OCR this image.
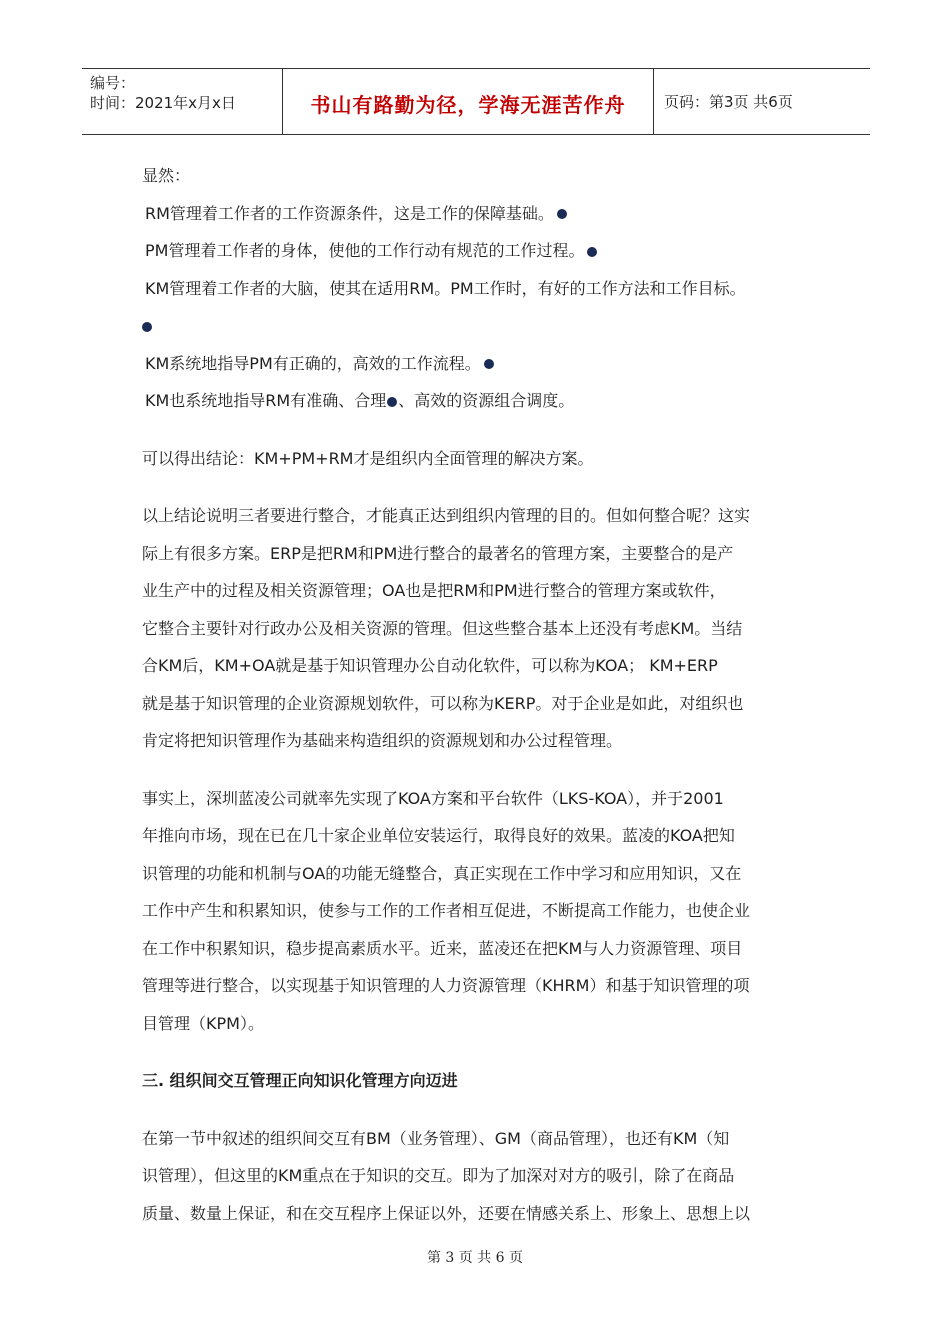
编号：
时间：2021年x月x日	书山有路勤为径，学海无涯苦作舟	页码：第3页 共6页

显然：

RM管理着工作者的工作资源条件，这是工作的保障基础。

PM管理着工作者的身体，使他的工作行动有规范的工作过程。

KM管理着工作者的大脑，使其在适用RM。PM工作时，有好的工作方法和工作目标。

KM系统地指导PM有正确的，高效的工作流程。

KM也系统地指导RM有准确、合理 、高效的资源组合调度。

可以得出结论：KM+PM+RM才是组织内全面管理的解决方案。

以上结论说明三者要进行整合，才能真正达到组织内管理的目的。但如何整合呢？这实

际上有很多方案。ERP是把RM和PM进行整合的最著名的管理方案，主要整合的是产

业生产中的过程及相关资源管理；OA也是把RM和PM进行整合的管理方案或软件，

它整合主要针对行政办公及相关资源的管理。但这些整合基本上还没有考虑KM。当结

合KM后，KM+OA就是基于知识管理办公自动化软件，可以称为KOA； KM+ERP

就是基于知识管理的企业资源规划软件，可以称为KERP。对于企业是如此，对组织也

肯定将把知识管理作为基础来构造组织的资源规划和办公过程管理。

事实上，深圳蓝凌公司就率先实现了KOA方案和平台软件（LKS-KOA），并于2001

年推向市场，现在已在几十家企业单位安装运行，取得良好的效果。蓝凌的KOA把知

识管理的功能和机制与OA的功能无缝整合，真正实现在工作中学习和应用知识，又在

工作中产生和积累知识，使参与工作的工作者相互促进，不断提高工作能力，也使企业

在工作中积累知识，稳步提高素质水平。近来，蓝凌还在把KM与人力资源管理、项目

管理等进行整合，以实现基于知识管理的人力资源管理（KHRM）和基于知识管理的项

目管理（KPM）。

三. 组织间交互管理正向知识化管理方向迈进

在第一节中叙述的组织间交互有BM（业务管理）、GM（商品管理），也还有KM（知

识管理），但这里的KM重点在于知识的交互。即为了加深对对方的吸引，除了在商品

质量、数量上保证，和在交互程序上保证以外，还要在情感关系上、形象上、思想上以

第 3 页 共 6 页
